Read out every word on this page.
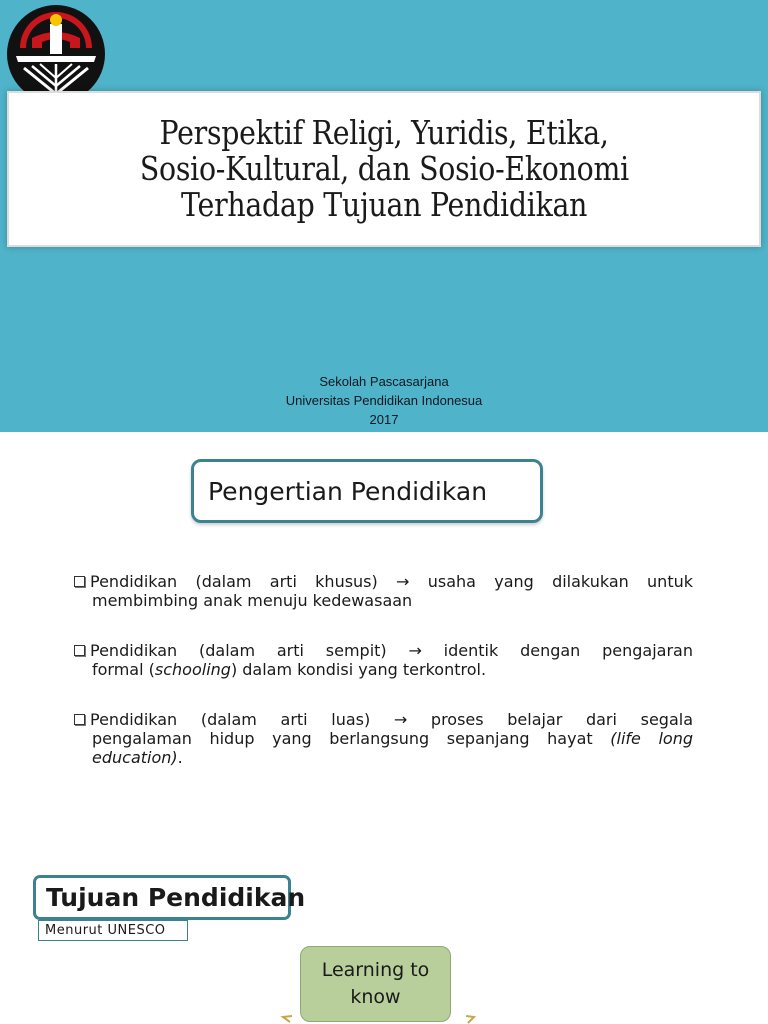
Perspektif Religi, Yuridis, Etika,
Sosio-Kultural, dan Sosio-Ekonomi
Terhadap Tujuan Pendidikan
Sekolah Pascasarjana
Universitas Pendidikan Indonesua
2017
Pengertian Pendidikan
Pendidikan (dalam arti khusus) → usaha yang dilakukan untuk
membimbing anak menuju kedewasaan
Pendidikan (dalam arti sempit) → identik dengan pengajaran
formal (schooling) dalam kondisi yang terkontrol.
Pendidikan (dalam arti luas) → proses belajar dari segala
pengalaman hidup yang berlangsung sepanjang hayat (life long
education).
Tujuan Pendidikan
Menurut UNESCO
Learning to know
